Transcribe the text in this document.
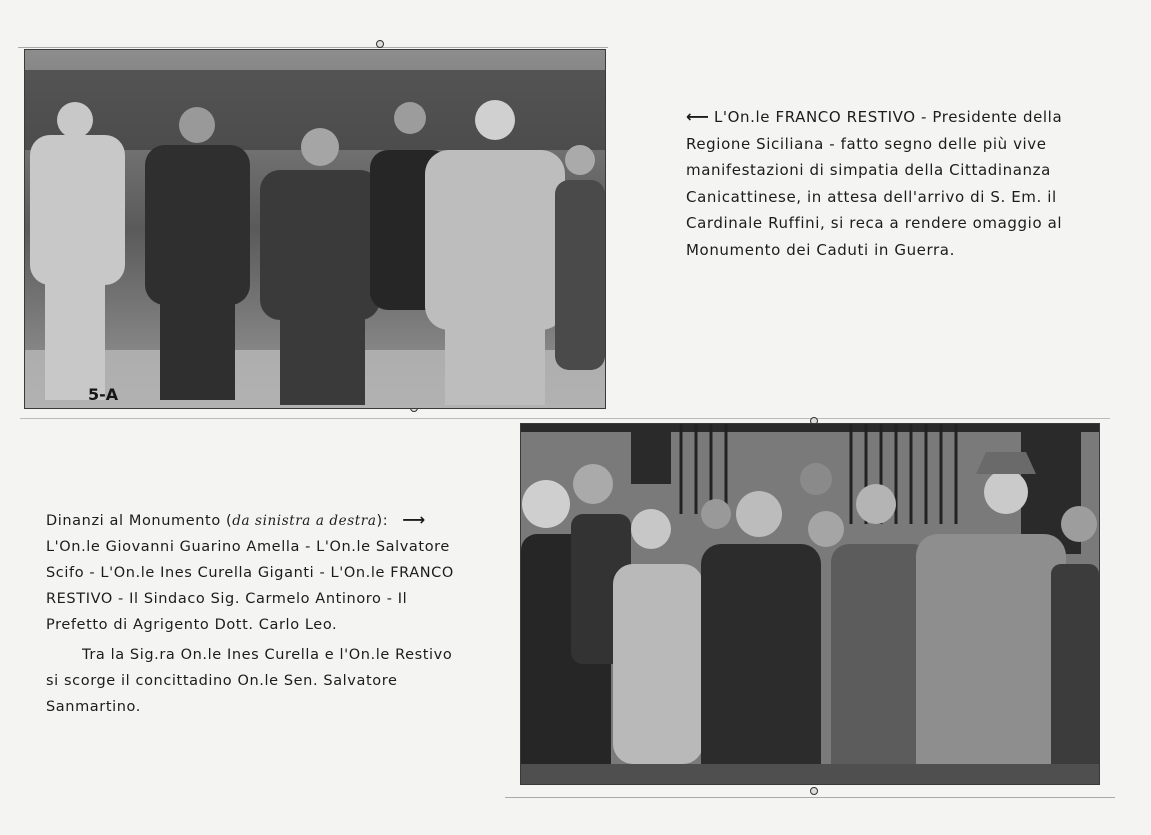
5-A
⟵ L'On.le FRANCO RESTIVO - Presidente della Regione Siciliana - fatto segno delle più vive manifestazioni di simpatia della Cittadinanza Canicattinese, in attesa dell'arrivo di S. Em. il Cardinale Ruffini, si reca a rendere omaggio al Monumento dei Caduti in Guerra.
Dinanzi al Monumento (da sinistra a destra): ⟶
L'On.le Giovanni Guarino Amella - L'On.le Salvatore Scifo - L'On.le Ines Curella Giganti - L'On.le FRANCO RESTIVO - Il Sindaco Sig. Carmelo Antinoro - Il Prefetto di Agrigento Dott. Carlo Leo.
Tra la Sig.ra On.le Ines Curella e l'On.le Restivo si scorge il concittadino On.le Sen. Salvatore Sanmartino.
